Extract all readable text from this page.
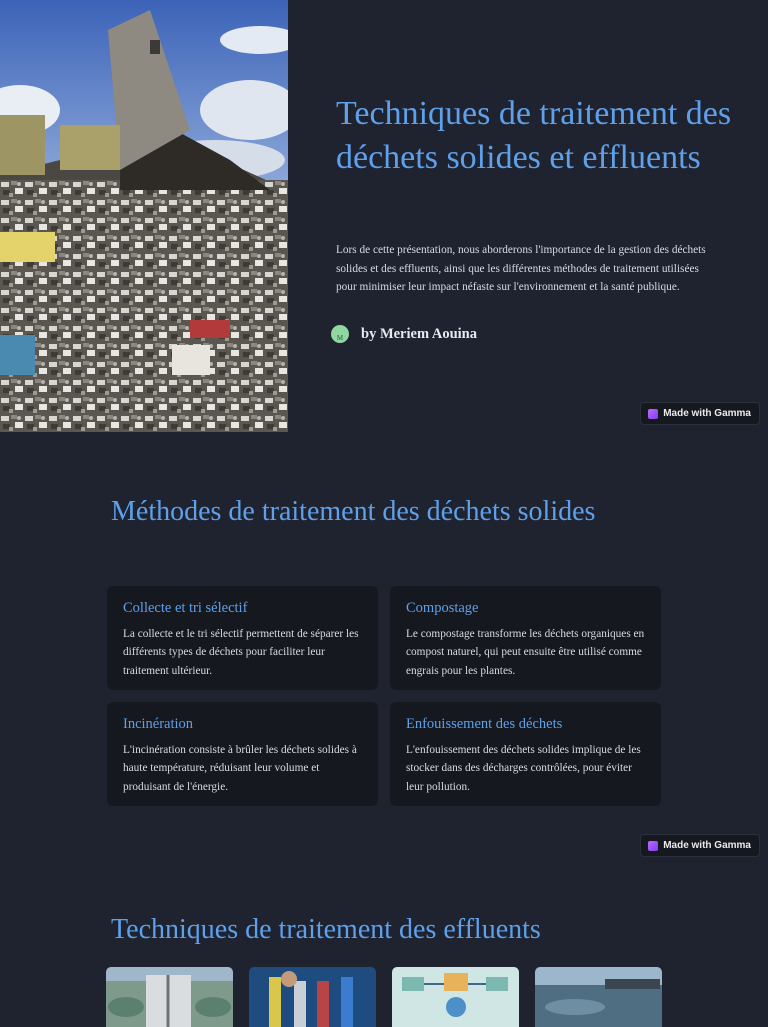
Techniques de traitement des déchets solides et effluents

Lors de cette présentation, nous aborderons l'importance de la gestion des déchets solides et des effluents, ainsi que les différentes méthodes de traitement utilisées pour minimiser leur impact néfaste sur l'environnement et la santé publique.

M	by Meriem Aouina
Made with Gamma
Méthodes de traitement des déchets solides
Collecte et tri sélectif

La collecte et le tri sélectif permettent de séparer les différents types de déchets pour faciliter leur traitement ultérieur.

Compostage

Le compostage transforme les déchets organiques en compost naturel, qui peut ensuite être utilisé comme engrais pour les plantes.

Incinération

L'incinération consiste à brûler les déchets solides à haute température, réduisant leur volume et produisant de l'énergie.

Enfouissement des déchets

L'enfouissement des déchets solides implique de les stocker dans des décharges contrôlées, pour éviter leur pollution.

Made with Gamma
Techniques de traitement des effluents
